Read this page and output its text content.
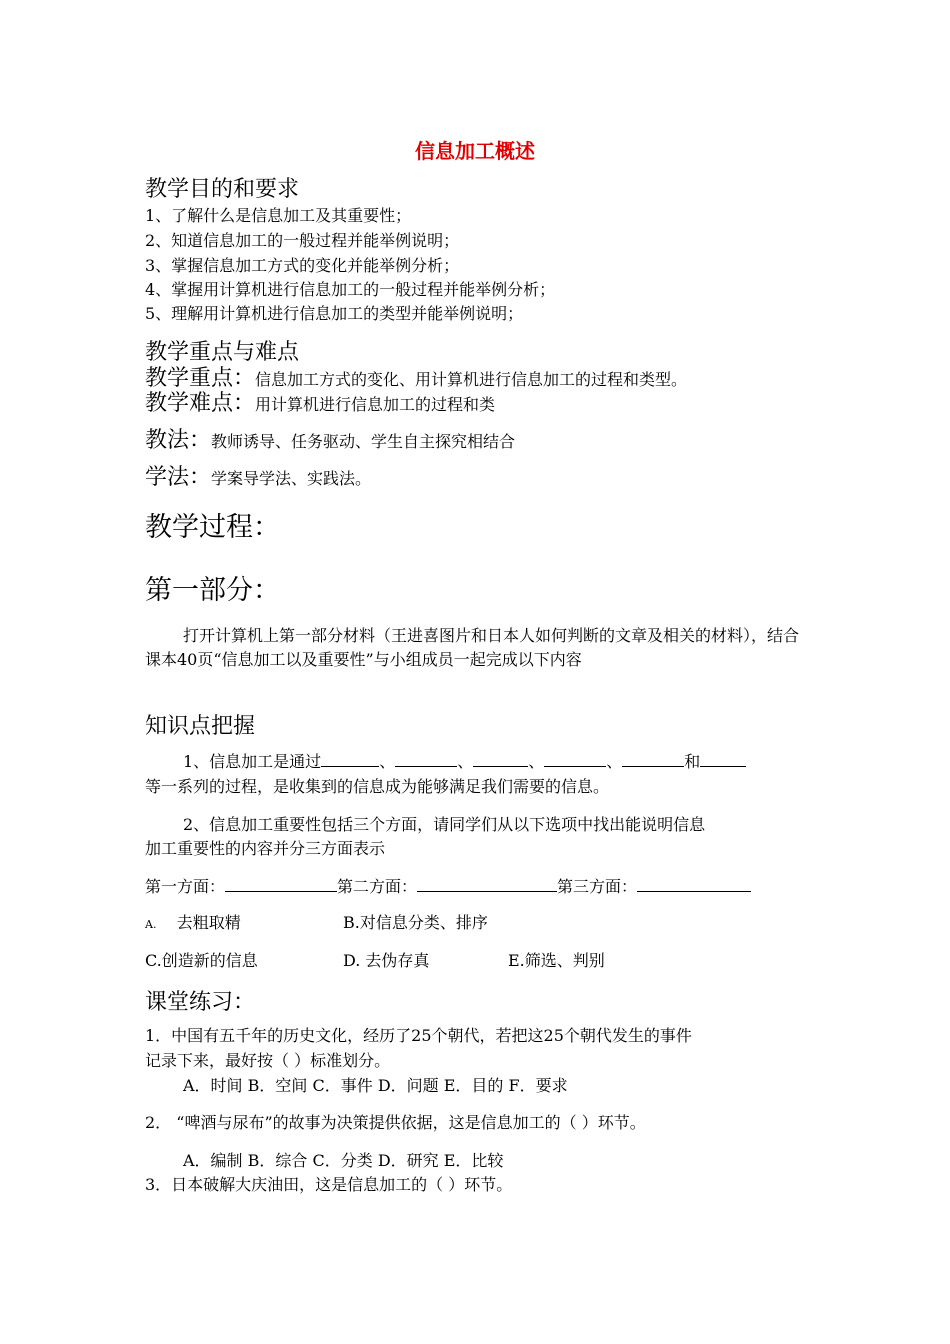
信息加工概述
教学目的和要求
1、了解什么是信息加工及其重要性；
2、知道信息加工的一般过程并能举例说明；
3、掌握信息加工方式的变化并能举例分析；
4、掌握用计算机进行信息加工的一般过程并能举例分析；
5、理解用计算机进行信息加工的类型并能举例说明；
教学重点与难点
教学重点：信息加工方式的变化、用计算机进行信息加工的过程和类型。
教学难点：用计算机进行信息加工的过程和类
教法：教师诱导、任务驱动、学生自主探究相结合
学法：学案导学法、实践法。
教学过程：
第一部分：
打开计算机上第一部分材料（王进喜图片和日本人如何判断的文章及相关的材料），结合课本40页“信息加工以及重要性”与小组成员一起完成以下内容
知识点把握
1、信息加工是通过	、	、	、	、	和
等一系列的过程，是收集到的信息成为能够满足我们需要的信息。
2、信息加工重要性包括三个方面，请同学们从以下选项中找出能说明信息
加工重要性的内容并分三方面表示
第一方面：	第二方面：	第三方面：
A. 去粗取精	B.对信息分类、排序
C.创造新的信息	D. 去伪存真	E.筛选、判别
课堂练习：
1．中国有五千年的历史文化，经历了25个朝代，若把这25个朝代发生的事件
记录下来，最好按（ ）标准划分。
A．时间 B．空间 C．事件 D．问题 E．目的 F．要求
2． “啤酒与尿布”的故事为决策提供依据，这是信息加工的（ ）环节。
A．编制 B．综合 C．分类 D．研究 E．比较
3．日本破解大庆油田，这是信息加工的（ ）环节。
